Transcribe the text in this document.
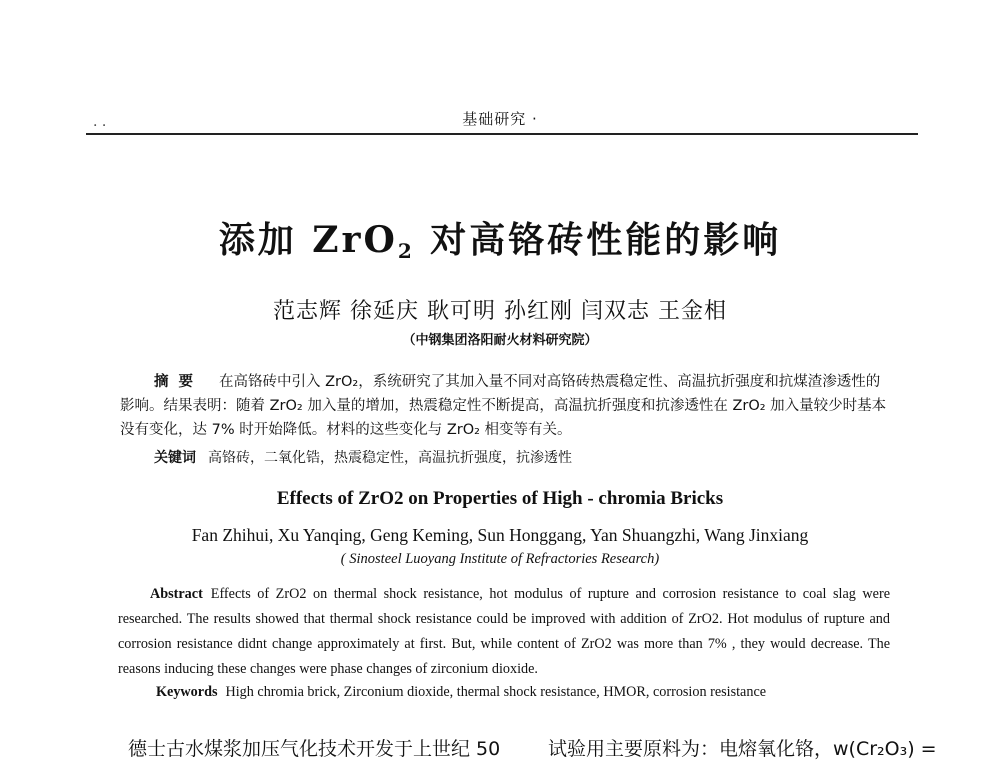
· ·	基础研究 ·
添加 ZrO$_2$ 对高铬砖性能的影响
范志辉 徐延庆 耿可明 孙红刚 闫双志 王金相
（中钢集团洛阳耐火材料研究院）
摘要 在高铬砖中引入 ZrO₂，系统研究了其加入量不同对高铬砖热震稳定性、高温抗折强度和抗煤渣渗透性的影响。结果表明：随着 ZrO₂ 加入量的增加，热震稳定性不断提高，高温抗折强度和抗渗透性在 ZrO₂ 加入量较少时基本没有变化，达 7% 时开始降低。材料的这些变化与 ZrO₂ 相变等有关。
关键词 高铬砖，二氧化锆，热震稳定性，高温抗折强度，抗渗透性
Effects of ZrO2 on Properties of High - chromia Bricks
Fan Zhihui, Xu Yanqing, Geng Keming, Sun Honggang, Yan Shuangzhi, Wang Jinxiang
( Sinosteel Luoyang Institute of Refractories Research)
Abstract Effects of ZrO2 on thermal shock resistance, hot modulus of rupture and corrosion resistance to coal slag were researched. The results showed that thermal shock resistance could be improved with addition of ZrO2. Hot modulus of rupture and corrosion resistance didnt change approximately at first. But, while content of ZrO2 was more than 7% , they would decrease. The reasons inducing these changes were phase changes of zirconium dioxide.
Keywords High chromia brick, Zirconium dioxide, thermal shock resistance, HMOR, corrosion resistance
德士古水煤浆加压气化技术开发于上世纪 50	试验用主要原料为：电熔氧化铬，w(Cr₂O₃) =
